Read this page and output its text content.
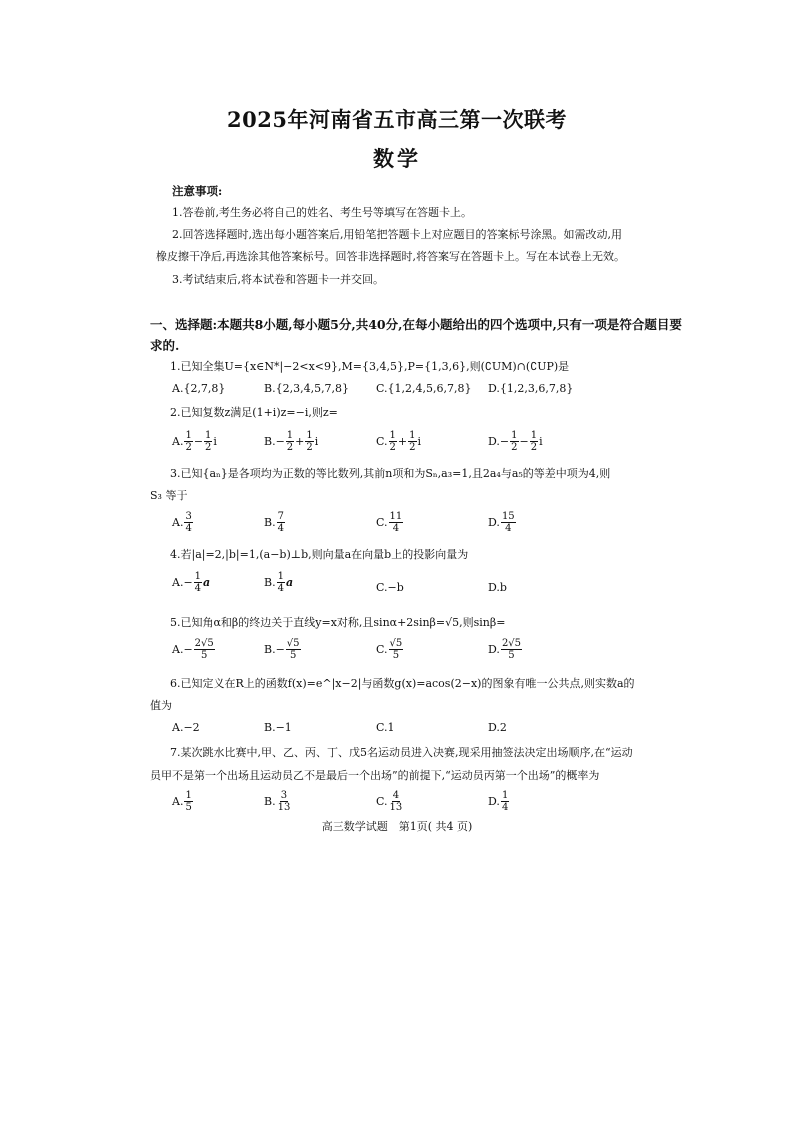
2025年河南省五市高三第一次联考
数学
注意事项:
1.答卷前,考生务必将自己的姓名、考生号等填写在答题卡上。
2.回答选择题时,选出每小题答案后,用铅笔把答题卡上对应题目的答案标号涂黑。如需改动,用
橡皮擦干净后,再选涂其他答案标号。回答非选择题时,将答案写在答题卡上。写在本试卷上无效。
3.考试结束后,将本试卷和答题卡一并交回。
一、选择题:本题共8小题,每小题5分,共40分,在每小题给出的四个选项中,只有一项是符合题目要
求的.
1.已知全集U={x∈N*|−2<x<9},M={3,4,5},P={1,3,6},则(∁UM)∩(∁UP)是
A.{2,7,8}	B.{2,3,4,5,7,8} C.{1,2,4,5,6,7,8} D.{1,2,3,6,7,8}
2.已知复数z满足(1+i)z=−i,则z=
A. $\frac{1}{2} - \frac{1}{2}$ i	$B.- \frac{1}{2} + \frac{1}{2}$ i	C. $\frac{1}{2} + \frac{1}{2}$ i	$D.- \frac{1}{2} - \frac{1}{2}$ i
3.已知{aₙ}是各项均为正数的等比数列,其前n项和为Sₙ,a₃=1,且2a₄与a₅的等差中项为4,则
S₃ 等于
A. $\frac{3}{4}$	B. $\frac{7}{4}$	C. $\frac{11}{4}$	D. $\frac{15}{4}$
4.若|a|=2,|b|=1,(a−b)⊥b,则向量a在向量b上的投影向量为
$A.- \frac{1}{4}$ a	B. $\frac{1}{4}$ a	C.−b	D.b
5.已知角α和β的终边关于直线y=x对称,且sinα+2sinβ=√5,则sinβ=
$A.- \frac{2√5}{5}$	$B.- \frac{√5}{5}$	C. $\frac{√5}{5}$	D. $\frac{2√5}{5}$
6.已知定义在R上的函数f(x)=e^|x−2|与函数g(x)=acos(2−x)的图象有唯一公共点,则实数a的
值为
A.−2	B.−1	C.1	D.2
7.某次跳水比赛中,甲、乙、丙、丁、戊5名运动员进入决赛,现采用抽签法决定出场顺序,在“运动
员甲不是第一个出场且运动员乙不是最后一个出场”的前提下,“运动员丙第一个出场”的概率为
A. $\frac{1}{5}$	B. $\frac{3}{13}$	C. $\frac{4}{13}$	D. $\frac{1}{4}$
高三数学试题　第1页( 共4 页)
